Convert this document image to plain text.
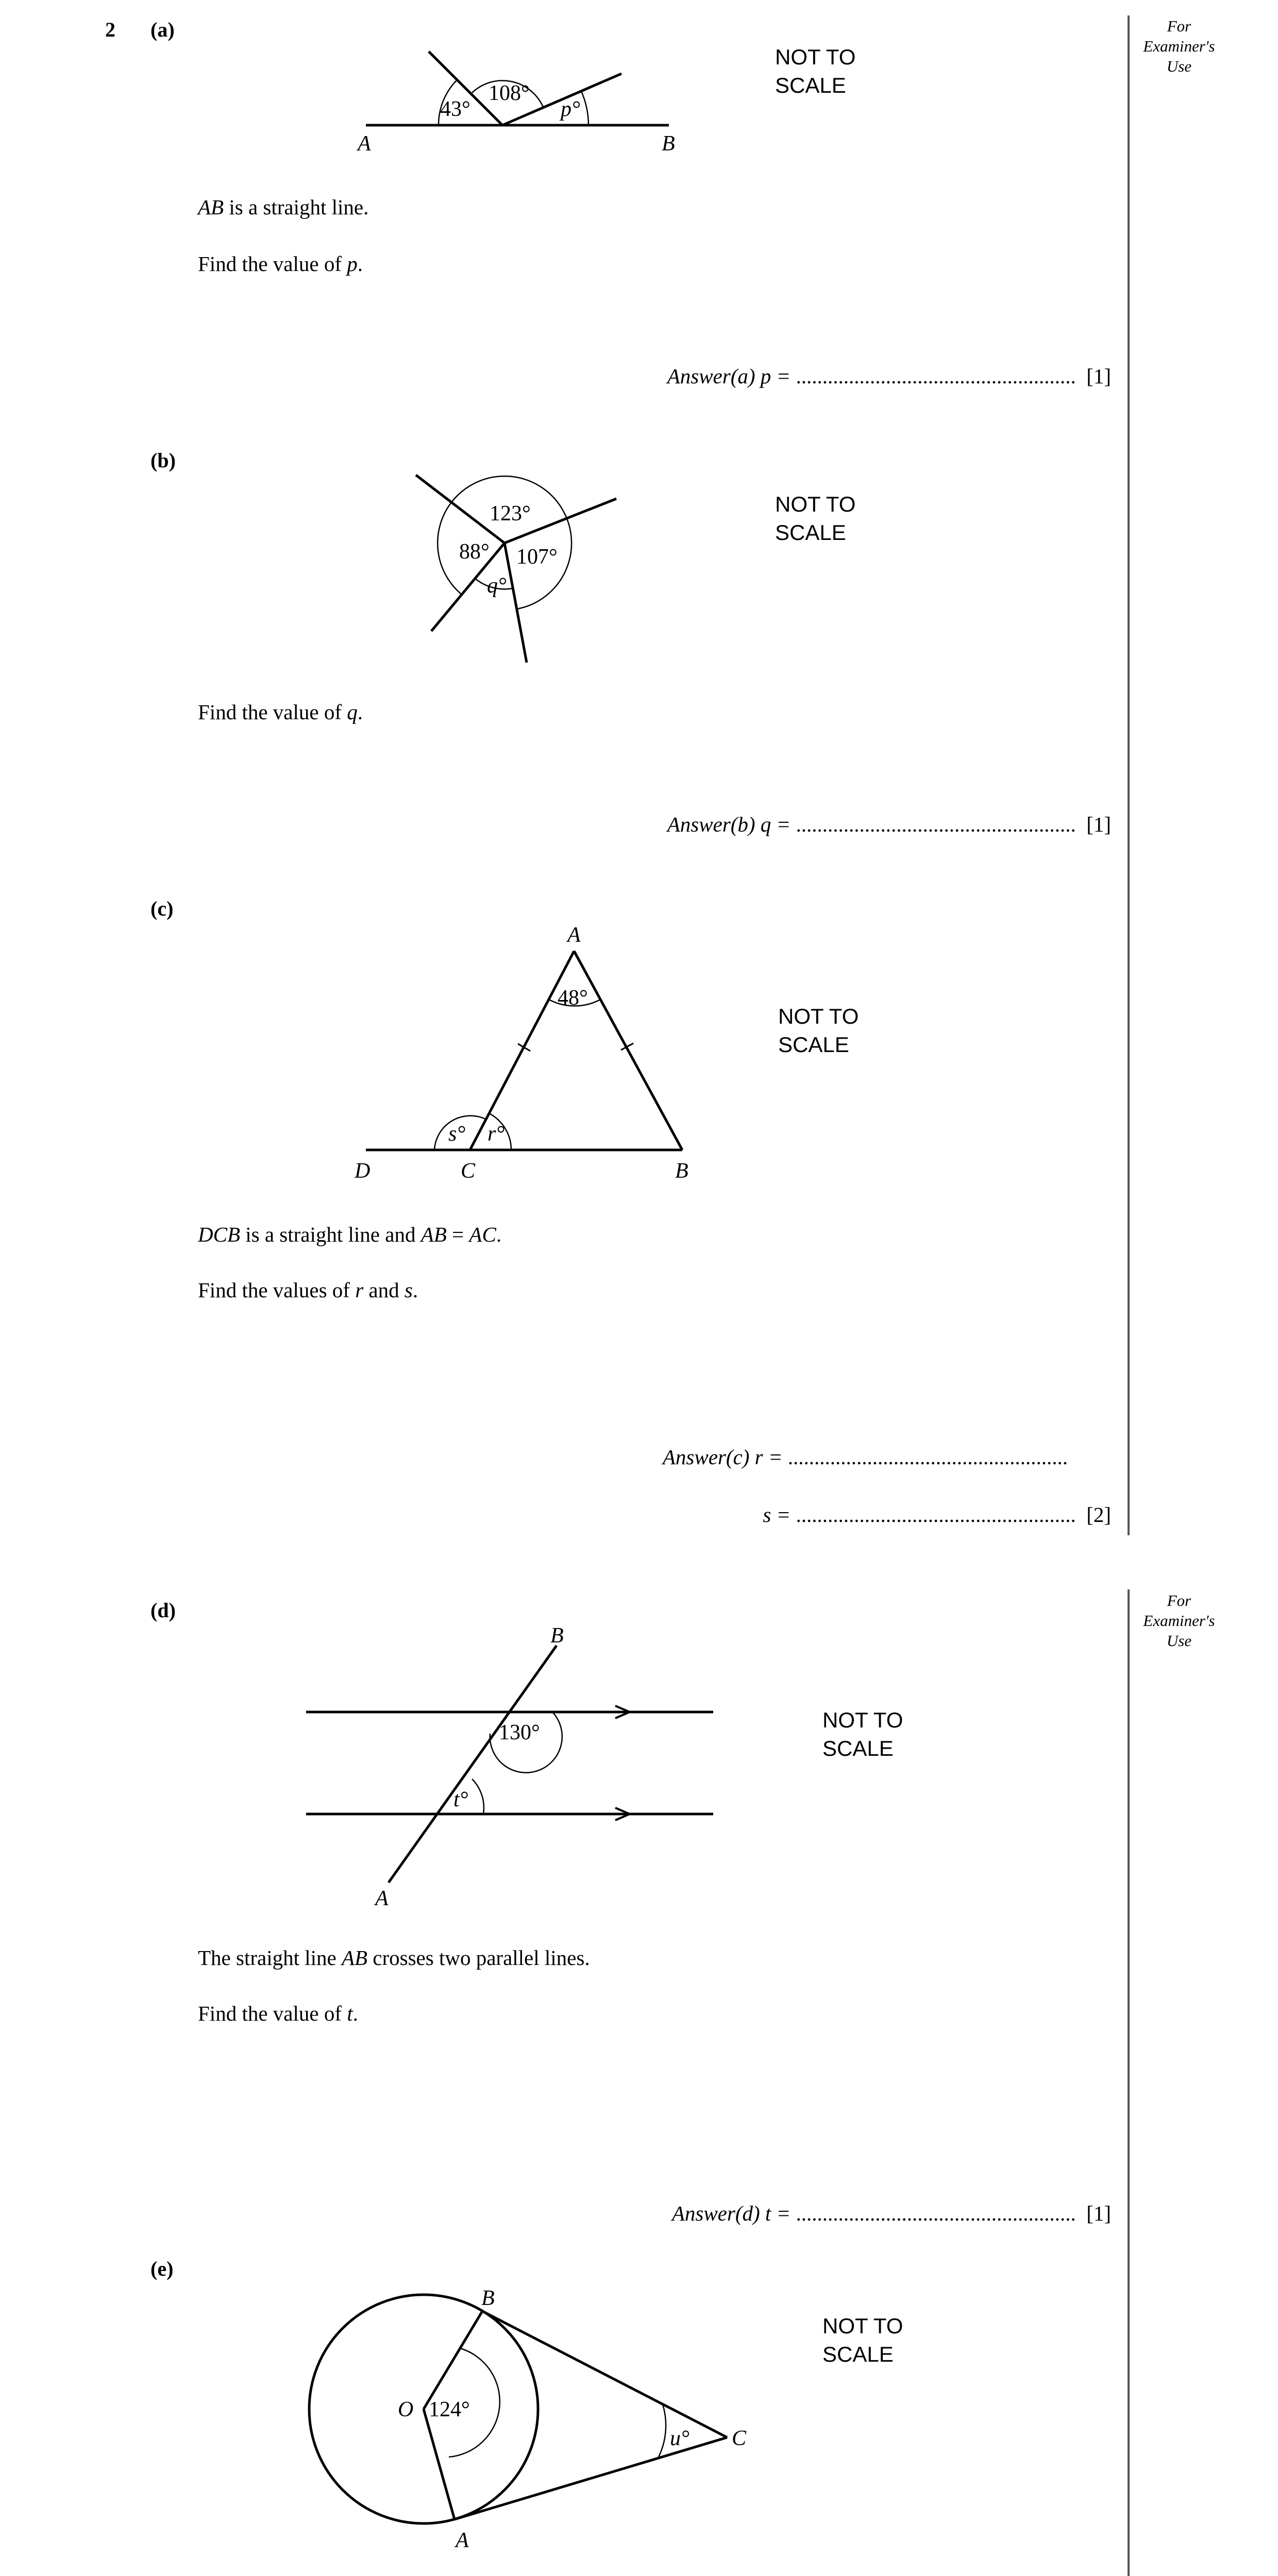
2	For
Examiner's
Use
For
Examiner's
Use
(a)
43°
108°
p°
A	B
NOT TO
SCALE
AB is a straight line.
Find the value of p.
Answer(a) p = ..................................................... [1]
(b)
123°
88° 107°
q°
NOT TO
SCALE
Find the value of q.
Answer(b) q = ..................................................... [1]
(c)
48°
s° r°
A
D	C	B
NOT TO
SCALE
DCB is a straight line and AB = AC.
Find the values of r and s.
Answer(c) r = .....................................................
s = ..................................................... [2]
(d)
130°
t°
B
A
NOT TO
SCALE
The straight line AB crosses two parallel lines.
Find the value of t.
Answer(d) t = ..................................................... [1]
(e)
124°
u°
B
O
C
A
NOT TO
SCALE
